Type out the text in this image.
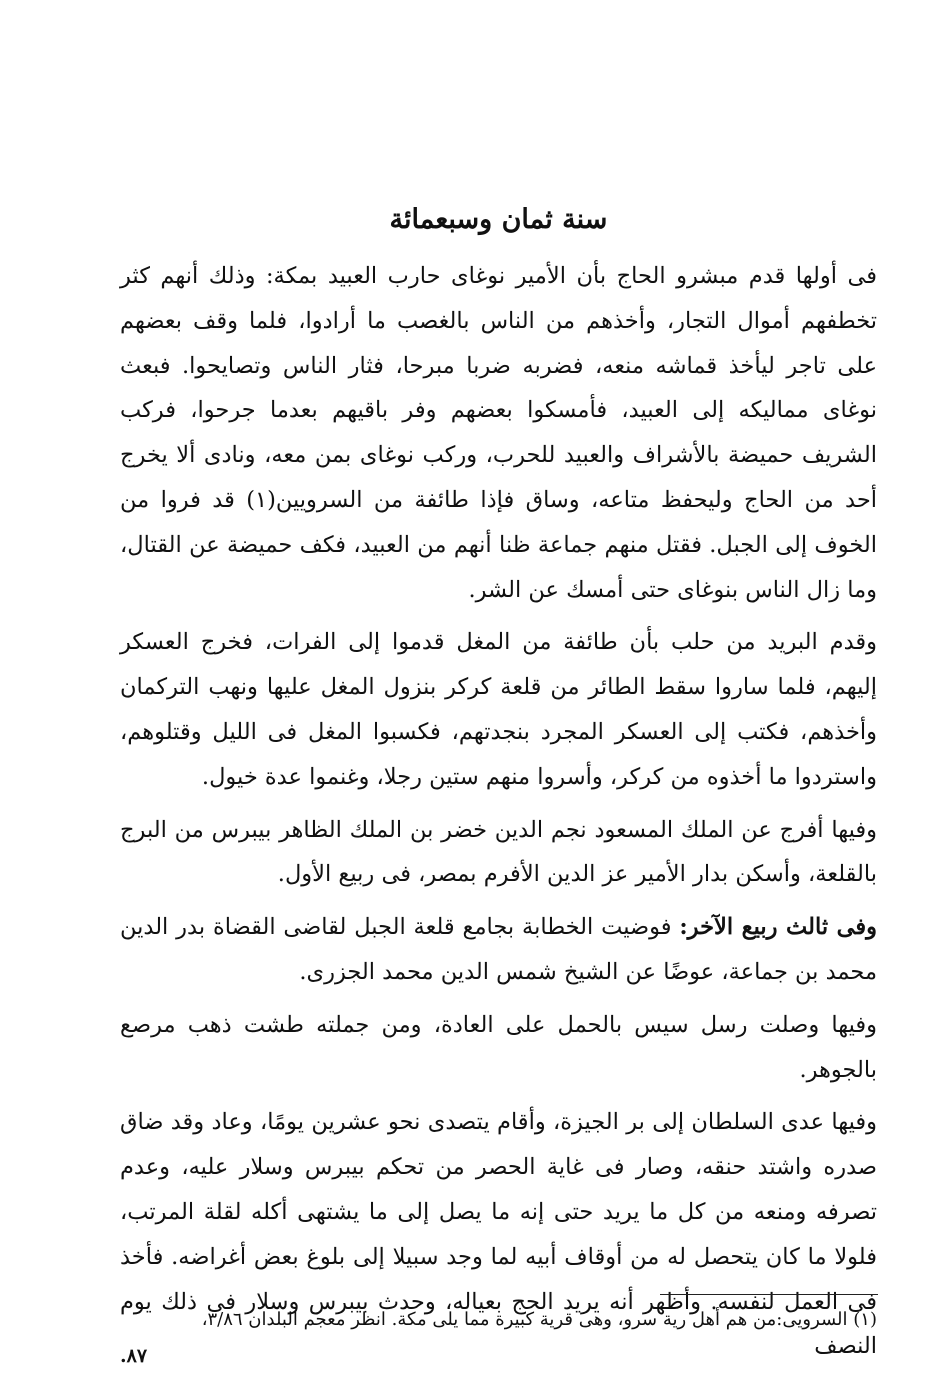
سنة ثمان وسبعمائة

فى أولها قدم مبشرو الحاج بأن الأمير نوغاى حارب العبيد بمكة: وذلك أنهم كثر تخطفهم أموال التجار، وأخذهم من الناس بالغصب ما أرادوا، فلما وقف بعضهم على تاجر ليأخذ قماشه منعه، فضربه ضربا مبرحا، فثار الناس وتصايحوا. فبعث نوغاى مماليكه إلى العبيد، فأمسكوا بعضهم وفر باقيهم بعدما جرحوا، فركب الشريف حميضة بالأشراف والعبيد للحرب، وركب نوغاى بمن معه، ونادى ألا يخرج أحد من الحاج وليحفظ متاعه، وساق فإذا طائفة من السرويين(١) قد فروا من الخوف إلى الجبل. فقتل منهم جماعة ظنا أنهم من العبيد، فكف حميضة عن القتال، وما زال الناس بنوغاى حتى أمسك عن الشر.

وقدم البريد من حلب بأن طائفة من المغل قدموا إلى الفرات، فخرج العسكر إليهم، فلما ساروا سقط الطائر من قلعة كركر بنزول المغل عليها ونهب التركمان وأخذهم، فكتب إلى العسكر المجرد بنجدتهم، فكسبوا المغل فى الليل وقتلوهم، واستردوا ما أخذوه من كركر، وأسروا منهم ستين رجلا، وغنموا عدة خيول.

وفيها أفرج عن الملك المسعود نجم الدين خضر بن الملك الظاهر بيبرس من البرج بالقلعة، وأسكن بدار الأمير عز الدين الأفرم بمصر، فى ربيع الأول.

وفى ثالث ربيع الآخر: فوضيت الخطابة بجامع قلعة الجبل لقاضى القضاة بدر الدين محمد بن جماعة، عوضًا عن الشيخ شمس الدين محمد الجزرى.

وفيها وصلت رسل سيس بالحمل على العادة، ومن جملته طشت ذهب مرصع بالجوهر.

وفيها عدى السلطان إلى بر الجيزة، وأقام يتصدى نحو عشرين يومًا، وعاد وقد ضاق صدره واشتد حنقه، وصار فى غاية الحصر من تحكم بيبرس وسلار عليه، وعدم تصرفه ومنعه من كل ما يريد حتى إنه ما يصل إلى ما يشتهى أكله لقلة المرتب، فلولا ما كان يتحصل له من أوقاف أبيه لما وجد سبيلا إلى بلوغ بعض أغراضه. فأخذ فى العمل لنفسه. وأظهر أنه يريد الحج بعياله، وحدث بيبرس وسلار فى ذلك يوم النصف

(١) السرويى:من هم أهل رية سرو، وهى قرية كبيرة مما يلى مكة. انظر معجم البلدان ٣/٨٦،
٨٧.
